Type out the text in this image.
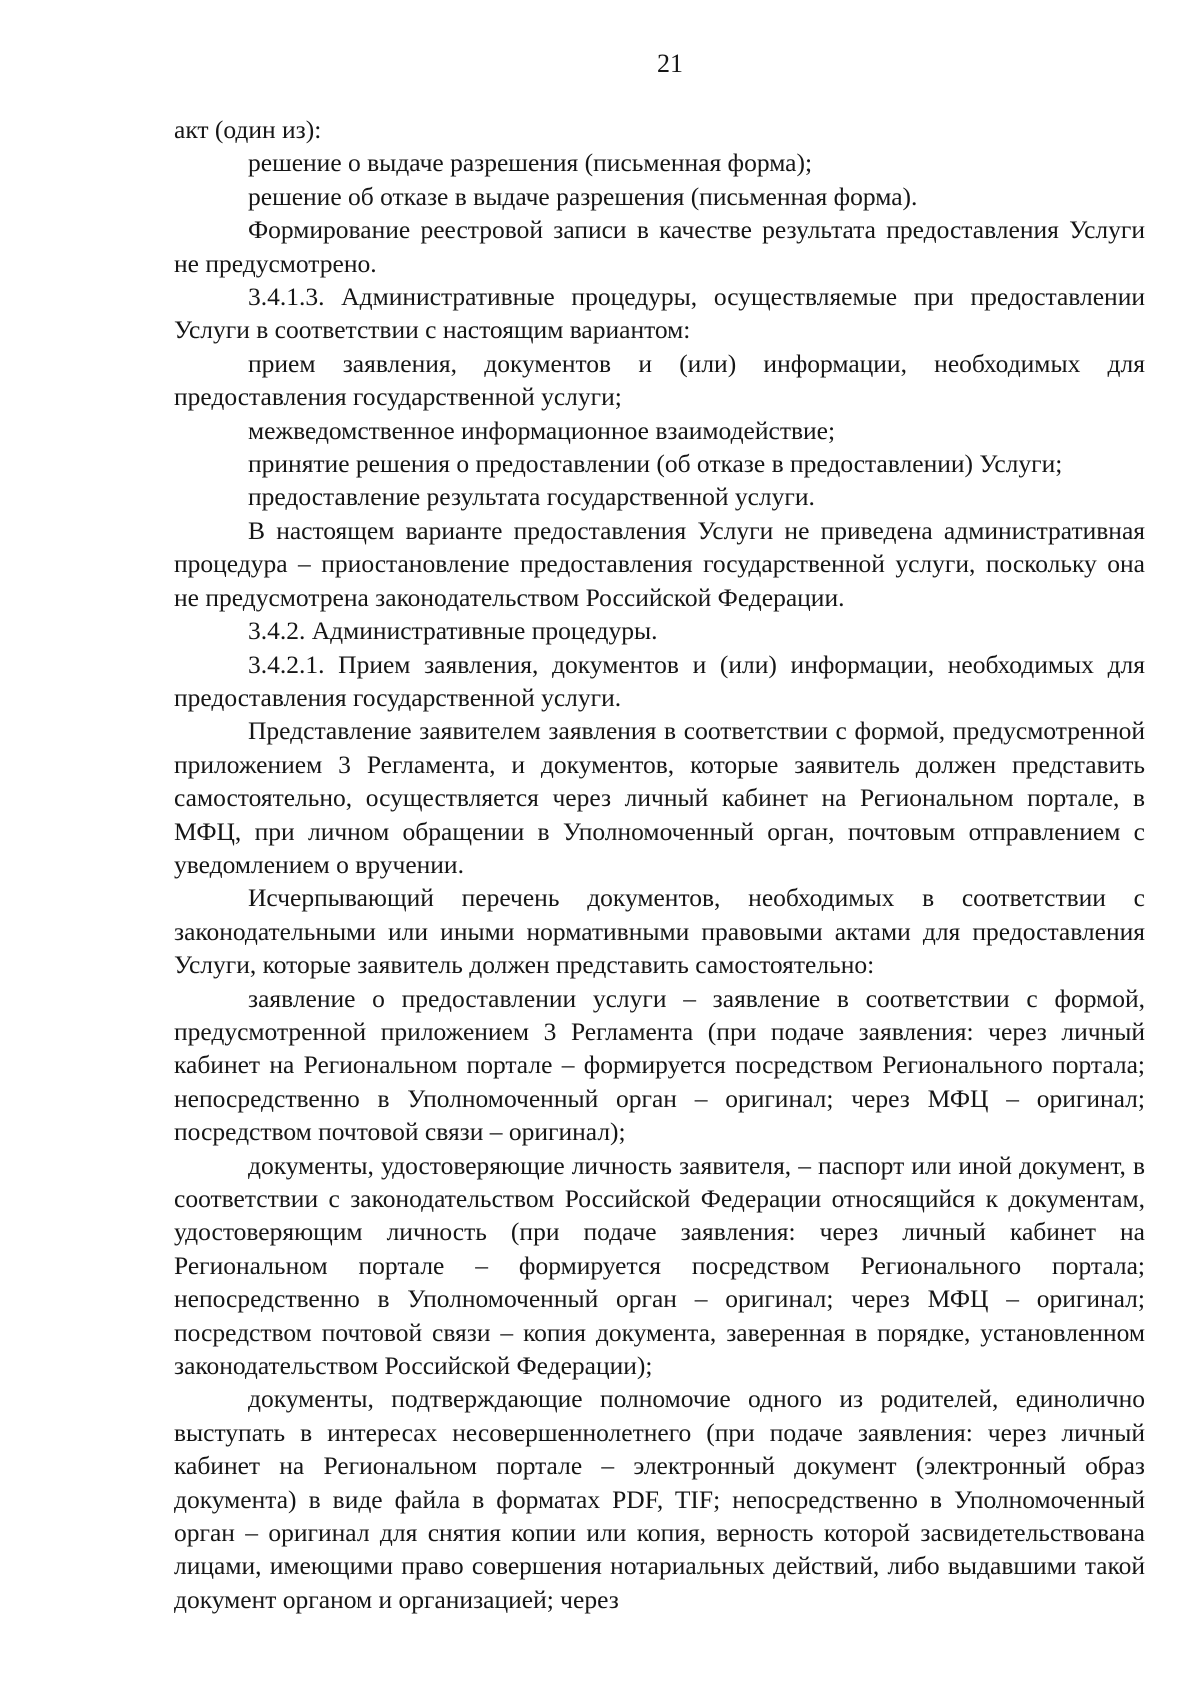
21

акт (один из):

решение о выдаче разрешения (письменная форма);

решение об отказе в выдаче разрешения (письменная форма).

Формирование реестровой записи в качестве результата предоставления Услуги не предусмотрено.

3.4.1.3. Административные процедуры, осуществляемые при предоставлении Услуги в соответствии с настоящим вариантом:

прием заявления, документов и (или) информации, необходимых для предоставления государственной услуги;

межведомственное информационное взаимодействие;

принятие решения о предоставлении (об отказе в предоставлении) Услуги;

предоставление результата государственной услуги.

В настоящем варианте предоставления Услуги не приведена административная процедура – приостановление предоставления государственной услуги, поскольку она не предусмотрена законодательством Российской Федерации.

3.4.2. Административные процедуры.

3.4.2.1. Прием заявления, документов и (или) информации, необходимых для предоставления государственной услуги.

Представление заявителем заявления в соответствии с формой, предусмотренной приложением 3 Регламента, и документов, которые заявитель должен представить самостоятельно, осуществляется через личный кабинет на Региональном портале, в МФЦ, при личном обращении в Уполномоченный орган, почтовым отправлением с уведомлением о вручении.

Исчерпывающий перечень документов, необходимых в соответствии с законодательными или иными нормативными правовыми актами для предоставления Услуги, которые заявитель должен представить самостоятельно:

заявление о предоставлении услуги – заявление в соответствии с формой, предусмотренной приложением 3 Регламента (при подаче заявления: через личный кабинет на Региональном портале – формируется посредством Регионального портала; непосредственно в Уполномоченный орган – оригинал; через МФЦ – оригинал; посредством почтовой связи – оригинал);

документы, удостоверяющие личность заявителя, – паспорт или иной документ, в соответствии с законодательством Российской Федерации относящийся к документам, удостоверяющим личность (при подаче заявления: через личный кабинет на Региональном портале – формируется посредством Регионального портала; непосредственно в Уполномоченный орган – оригинал; через МФЦ – оригинал; посредством почтовой связи – копия документа, заверенная в порядке, установленном законодательством Российской Федерации);

документы, подтверждающие полномочие одного из родителей, единолично выступать в интересах несовершеннолетнего (при подаче заявления: через личный кабинет на Региональном портале – электронный документ (электронный образ документа) в виде файла в форматах PDF, TIF; непосредственно в Уполномоченный орган – оригинал для снятия копии или копия, верность которой засвидетельствована лицами, имеющими право совершения нотариальных действий, либо выдавшими такой документ органом и организацией; через
